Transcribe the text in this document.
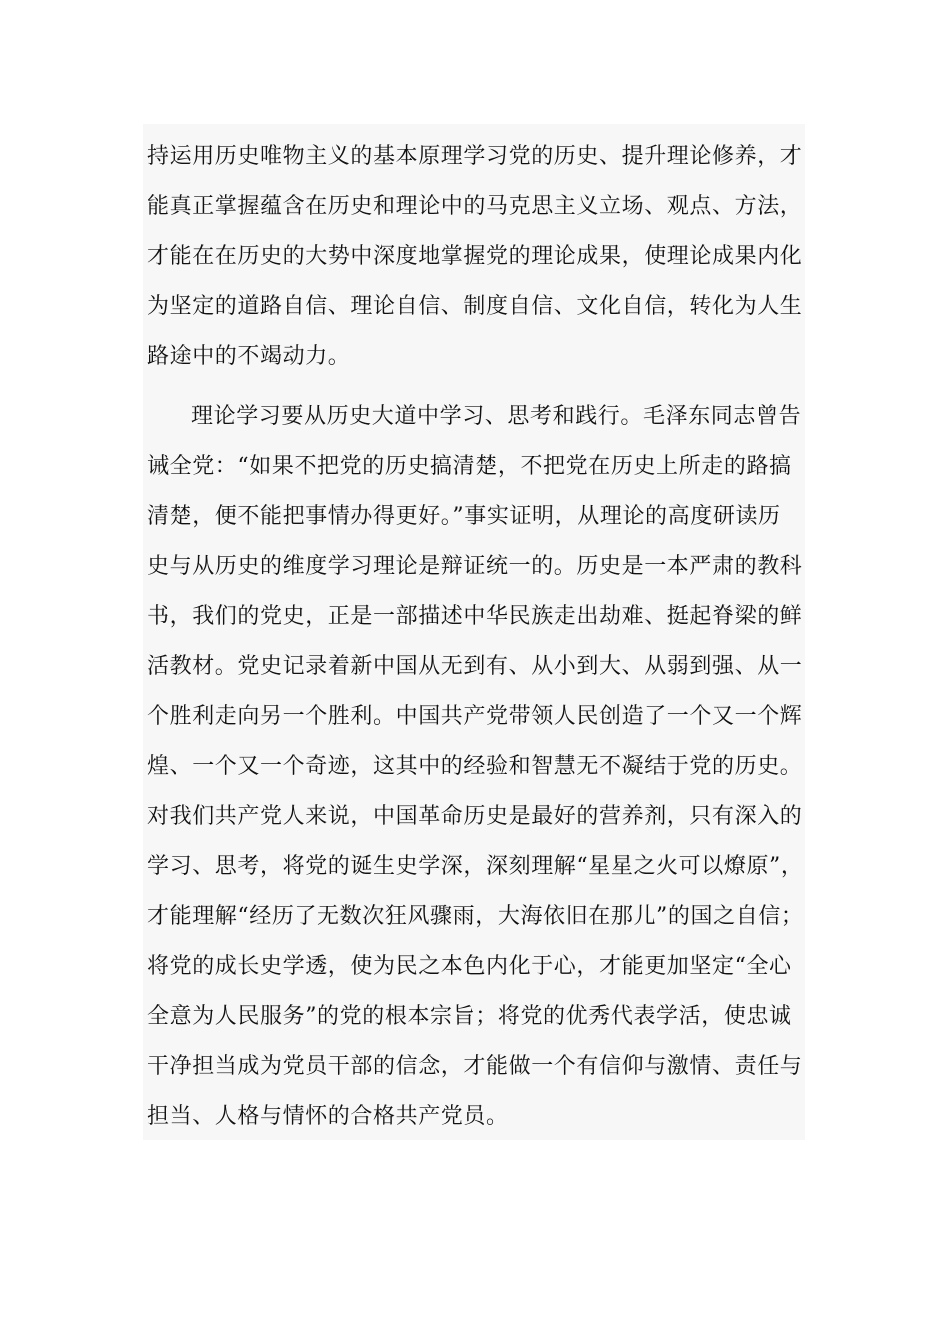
持运用历史唯物主义的基本原理学习党的历史、提升理论修养，才
能真正掌握蕴含在历史和理论中的马克思主义立场、观点、方法，
才能在在历史的大势中深度地掌握党的理论成果，使理论成果内化
为坚定的道路自信、理论自信、制度自信、文化自信，转化为人生
路途中的不竭动力。

理论学习要从历史大道中学习、思考和践行。毛泽东同志曾告
诫全党：“如果不把党的历史搞清楚，不把党在历史上所走的路搞
清楚，便不能把事情办得更好。”事实证明，从理论的高度研读历
史与从历史的维度学习理论是辩证统一的。历史是一本严肃的教科
书，我们的党史，正是一部描述中华民族走出劫难、挺起脊梁的鲜
活教材。党史记录着新中国从无到有、从小到大、从弱到强、从一
个胜利走向另一个胜利。中国共产党带领人民创造了一个又一个辉
煌、一个又一个奇迹，这其中的经验和智慧无不凝结于党的历史。
对我们共产党人来说，中国革命历史是最好的营养剂，只有深入的
学习、思考，将党的诞生史学深，深刻理解“星星之火可以燎原”，
才能理解“经历了无数次狂风骤雨，大海依旧在那儿”的国之自信；
将党的成长史学透，使为民之本色内化于心，才能更加坚定“全心
全意为人民服务”的党的根本宗旨；将党的优秀代表学活，使忠诚
干净担当成为党员干部的信念，才能做一个有信仰与激情、责任与
担当、人格与情怀的合格共产党员。
